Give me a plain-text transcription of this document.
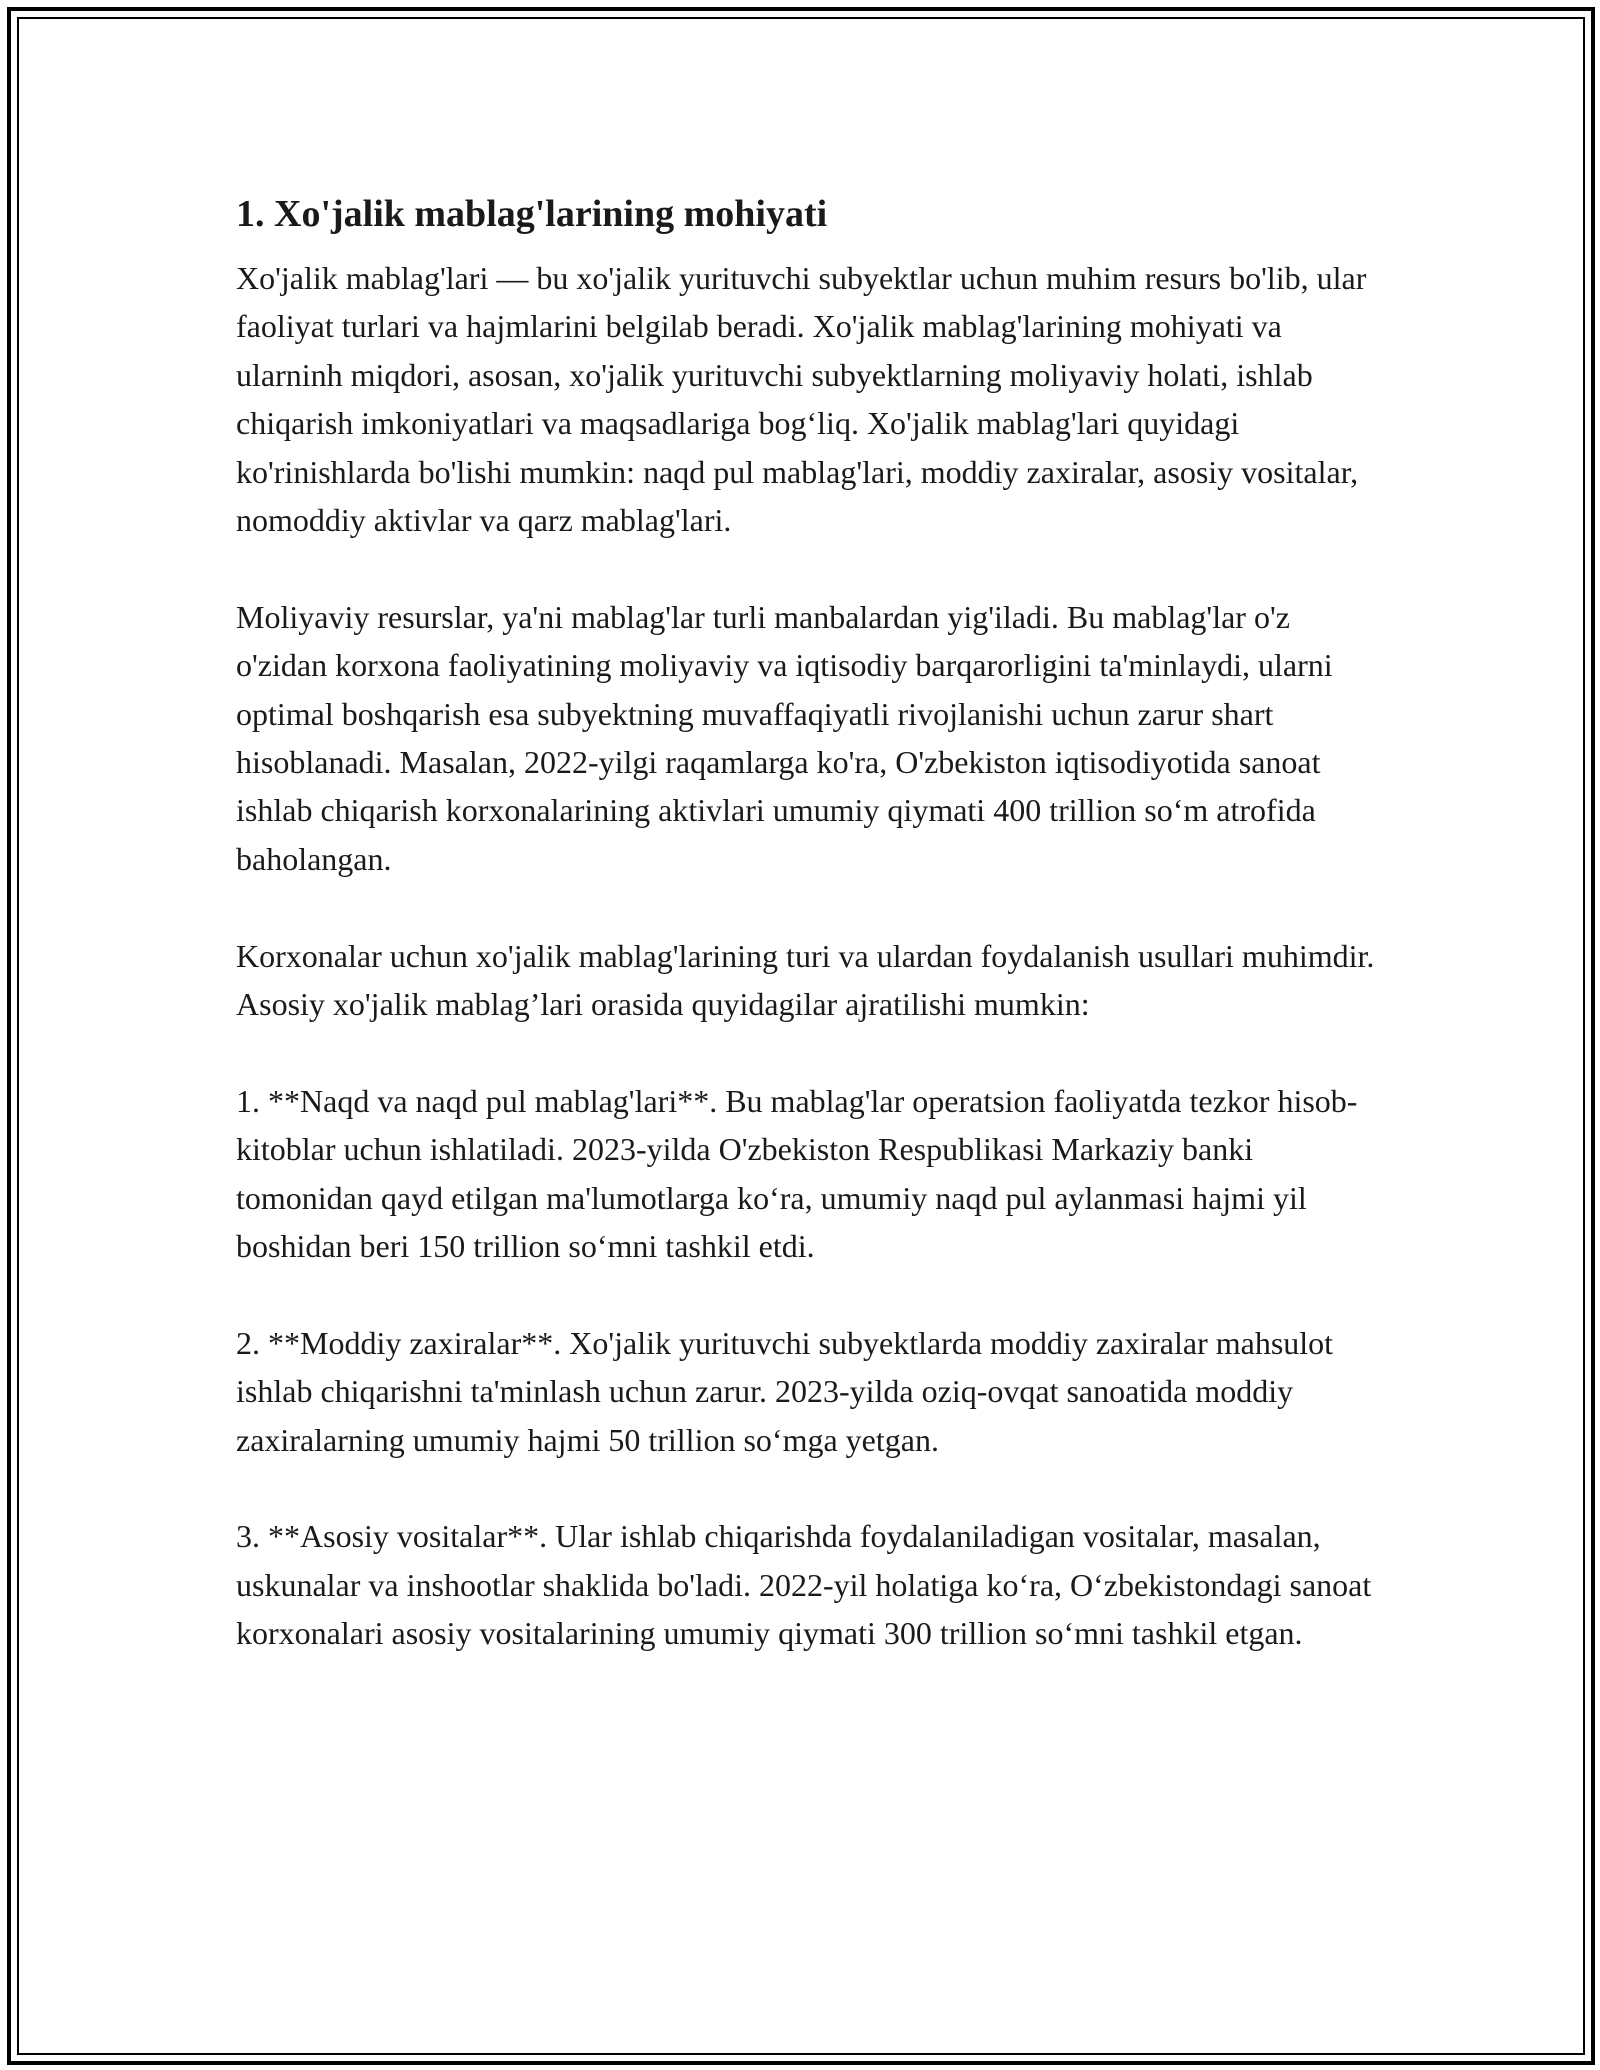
1. Xo'jalik mablag'larining mohiyati

Xo'jalik mablag'lari — bu xo'jalik yurituvchi subyektlar uchun muhim resurs bo'lib, ular faoliyat turlari va hajmlarini belgilab beradi. Xo'jalik mablag'larining mohiyati va ularninh miqdori, asosan, xo'jalik yurituvchi subyektlarning moliyaviy holati, ishlab chiqarish imkoniyatlari va maqsadlariga bog‘liq. Xo'jalik mablag'lari quyidagi ko'rinishlarda bo'lishi mumkin: naqd pul mablag'lari, moddiy zaxiralar, asosiy vositalar, nomoddiy aktivlar va qarz mablag'lari.

Moliyaviy resurslar, ya'ni mablag'lar turli manbalardan yig'iladi. Bu mablag'lar o'z o'zidan korxona faoliyatining moliyaviy va iqtisodiy barqarorligini ta'minlaydi, ularni optimal boshqarish esa subyektning muvaffaqiyatli rivojlanishi uchun zarur shart hisoblanadi. Masalan, 2022-yilgi raqamlarga ko'ra, O'zbekiston iqtisodiyotida sanoat ishlab chiqarish korxonalarining aktivlari umumiy qiymati 400 trillion so‘m atrofida baholangan.

Korxonalar uchun xo'jalik mablag'larining turi va ulardan foydalanish usullari muhimdir. Asosiy xo'jalik mablag’lari orasida quyidagilar ajratilishi mumkin:

1. **Naqd va naqd pul mablag'lari**. Bu mablag'lar operatsion faoliyatda tezkor hisob-kitoblar uchun ishlatiladi. 2023-yilda O'zbekiston Respublikasi Markaziy banki tomonidan qayd etilgan ma'lumotlarga ko‘ra, umumiy naqd pul aylanmasi hajmi yil boshidan beri 150 trillion so‘mni tashkil etdi.

2. **Moddiy zaxiralar**. Xo'jalik yurituvchi subyektlarda moddiy zaxiralar mahsulot ishlab chiqarishni ta'minlash uchun zarur. 2023-yilda oziq-ovqat sanoatida moddiy zaxiralarning umumiy hajmi 50 trillion so‘mga yetgan.

3. **Asosiy vositalar**. Ular ishlab chiqarishda foydalaniladigan vositalar, masalan, uskunalar va inshootlar shaklida bo'ladi. 2022-yil holatiga ko‘ra, O‘zbekistondagi sanoat korxonalari asosiy vositalarining umumiy qiymati 300 trillion so‘mni tashkil etgan.
